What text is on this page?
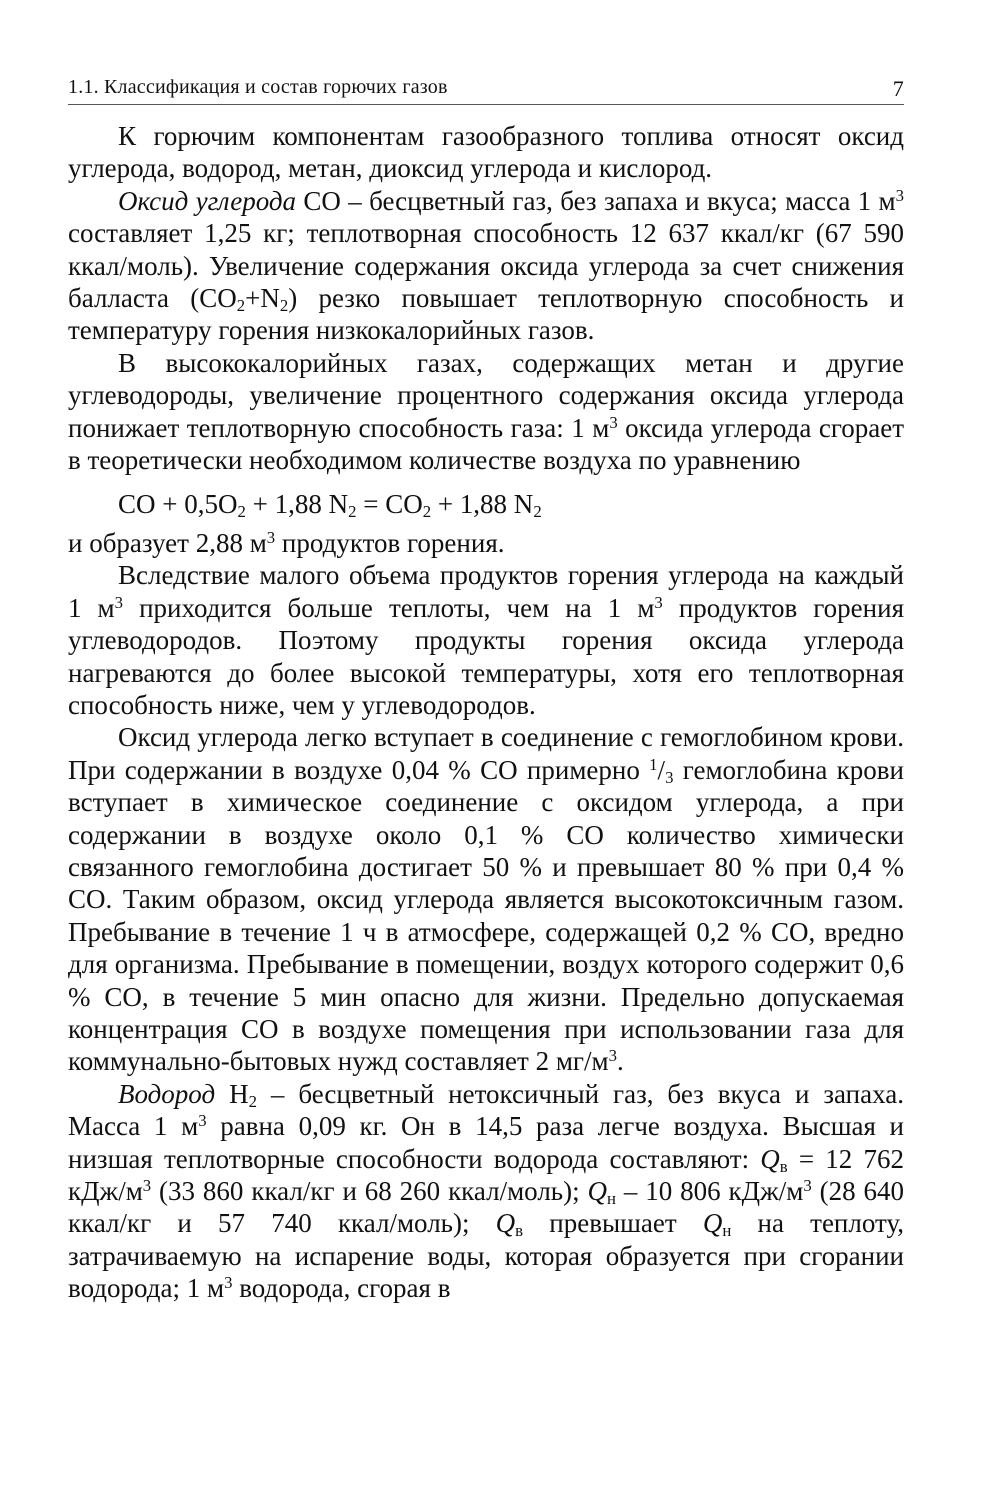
1.1. Классификация и состав горючих газов	7

К горючим компонентам газообразного топлива относят оксид углерода, водород, метан, диоксид углерода и кислород.

Оксид углерода CO – бесцветный газ, без запаха и вкуса; масса 1 $м^3$ составляет 1,25 кг; теплотворная способность 12 637 ккал/кг (67 590 ккал/моль). Увеличение содержания оксида углерода за счет снижения балласта $(CO_2+N_2)$ резко повышает теплотворную способность и температуру горения низкокалорийных газов.

В высококалорийных газах, содержащих метан и другие углеводороды, увеличение процентного содержания оксида углерода понижает теплотворную способность газа: 1 $м^3$ оксида углерода сгорает в теоретически необходимом количестве воздуха по уравнению

CO + $0,5O_2 + 1,88$ $N_2 = CO_2 + 1,88$ $N_2$

и образует 2,88 $м^3$ продуктов горения.

Вследствие малого объема продуктов горения углерода на каждый 1 $м^3$ приходится больше теплоты, чем на 1 $м^3$ продуктов горения углеводородов. Поэтому продукты горения оксида углерода нагреваются до более высокой температуры, хотя его теплотворная способность ниже, чем у углеводородов.

Оксид углерода легко вступает в соединение с гемоглобином крови. При содержании в воздухе 0,04 % CO примерно $^1/_3$ гемоглобина крови вступает в химическое соединение с оксидом углерода, а при содержании в воздухе около 0,1 % CO количество химически связанного гемоглобина достигает 50 % и превышает 80 % при 0,4 % CO. Таким образом, оксид углерода является высокотоксичным газом. Пребывание в течение 1 ч в атмосфере, содержащей 0,2 % CO, вредно для организма. Пребывание в помещении, воздух которого содержит 0,6 % CO, в течение 5 мин опасно для жизни. Предельно допускаемая концентрация CO в воздухе помещения при использовании газа для коммунально-бытовых нужд составляет 2 $мг/м^3$.

Водород $H_2$ – бесцветный нетоксичный газ, без вкуса и запаха. Масса 1 $м^3$ равна 0,09 кг. Он в 14,5 раза легче воздуха. Высшая и низшая теплотворные способности водорода составляют: $Q_в = 12$ 762 кДж/$м^3$ (33 860 ккал/кг и 68 260 ккал/моль); $Q_н - 10$ 806 кДж/$м^3$ (28 640 ккал/кг и 57 740 ккал/моль); $Q_в$ превышает $Q_н$ на теплоту, затрачиваемую на испарение воды, которая образуется при сгорании водорода; 1 $м^3$ водорода, сгорая в
